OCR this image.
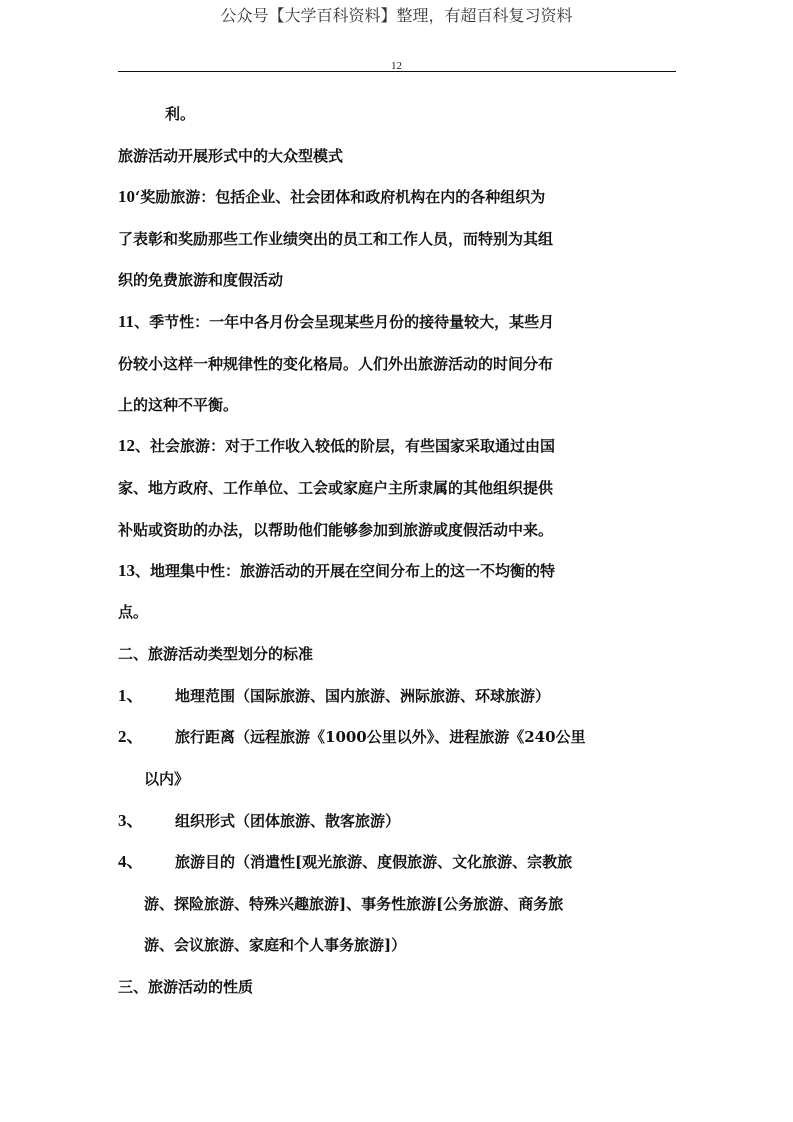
公众号【大学百科资料】整理，有超百科复习资料
12
利。
旅游活动开展形式中的大众型模式
10‘奖励旅游：包括企业、社会团体和政府机构在内的各种组织为
了表彰和奖励那些工作业绩突出的员工和工作人员，而特别为其组
织的免费旅游和度假活动
11、季节性：一年中各月份会呈现某些月份的接待量较大，某些月
份较小这样一种规律性的变化格局。人们外出旅游活动的时间分布
上的这种不平衡。
12、社会旅游：对于工作收入较低的阶层，有些国家采取通过由国
家、地方政府、工作单位、工会或家庭户主所隶属的其他组织提供
补贴或资助的办法，以帮助他们能够参加到旅游或度假活动中来。
13、地理集中性：旅游活动的开展在空间分布上的这一不均衡的特
点。
二、旅游活动类型划分的标准
1、 地理范围（国际旅游、国内旅游、洲际旅游、环球旅游）
2、 旅行距离（远程旅游《1000公里以外》、进程旅游《240公里
以内》
3、 组织形式（团体旅游、散客旅游）
4、 旅游目的（消遣性[观光旅游、度假旅游、文化旅游、宗教旅
游、探险旅游、特殊兴趣旅游]、事务性旅游[公务旅游、商务旅
游、会议旅游、家庭和个人事务旅游]）
三、旅游活动的性质
